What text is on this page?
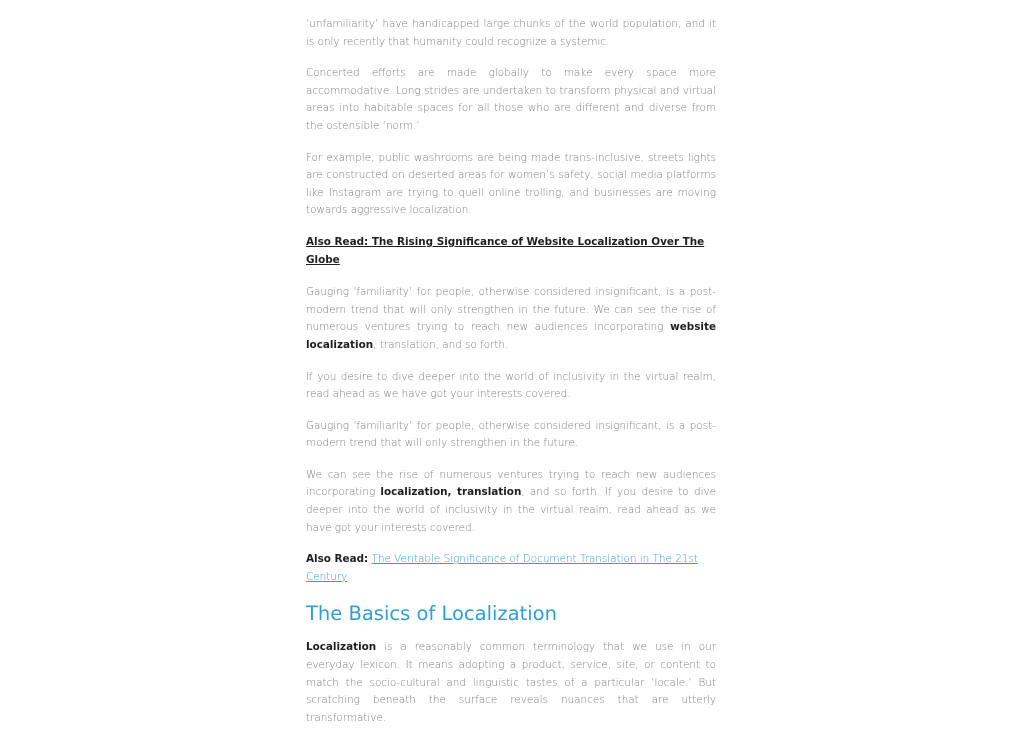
‘unfamiliarity’ have handicapped large chunks of the world population, and it is only recently that humanity could recognize a systemic.

Concerted efforts are made globally to make every space more accommodative. Long strides are undertaken to transform physical and virtual areas into habitable spaces for all those who are different and diverse from the ostensible ‘norm.’

For example, public washrooms are being made trans-inclusive, streets lights are constructed on deserted areas for women’s safety, social media platforms like Instagram are trying to quell online trolling, and businesses are moving towards aggressive localization.

Also Read: The Rising Significance of Website Localization Over The Globe

Gauging ‘familiarity’ for people, otherwise considered insignificant, is a post-modern trend that will only strengthen in the future. We can see the rise of numerous ventures trying to reach new audiences incorporating website localization, translation, and so forth.

If you desire to dive deeper into the world of inclusivity in the virtual realm, read ahead as we have got your interests covered.

Gauging ‘familiarity’ for people, otherwise considered insignificant, is a post-modern trend that will only strengthen in the future.

We can see the rise of numerous ventures trying to reach new audiences incorporating localization, translation, and so forth. If you desire to dive deeper into the world of inclusivity in the virtual realm, read ahead as we have got your interests covered.

Also Read: The Veritable Significance of Document Translation in The 21st Century
The Basics of Localization

Localization is a reasonably common terminology that we use in our everyday lexicon. It means adopting a product, service, site, or content to match the socio-cultural and linguistic tastes of a particular ‘locale.’ But scratching beneath the surface reveals nuances that are utterly transformative.
